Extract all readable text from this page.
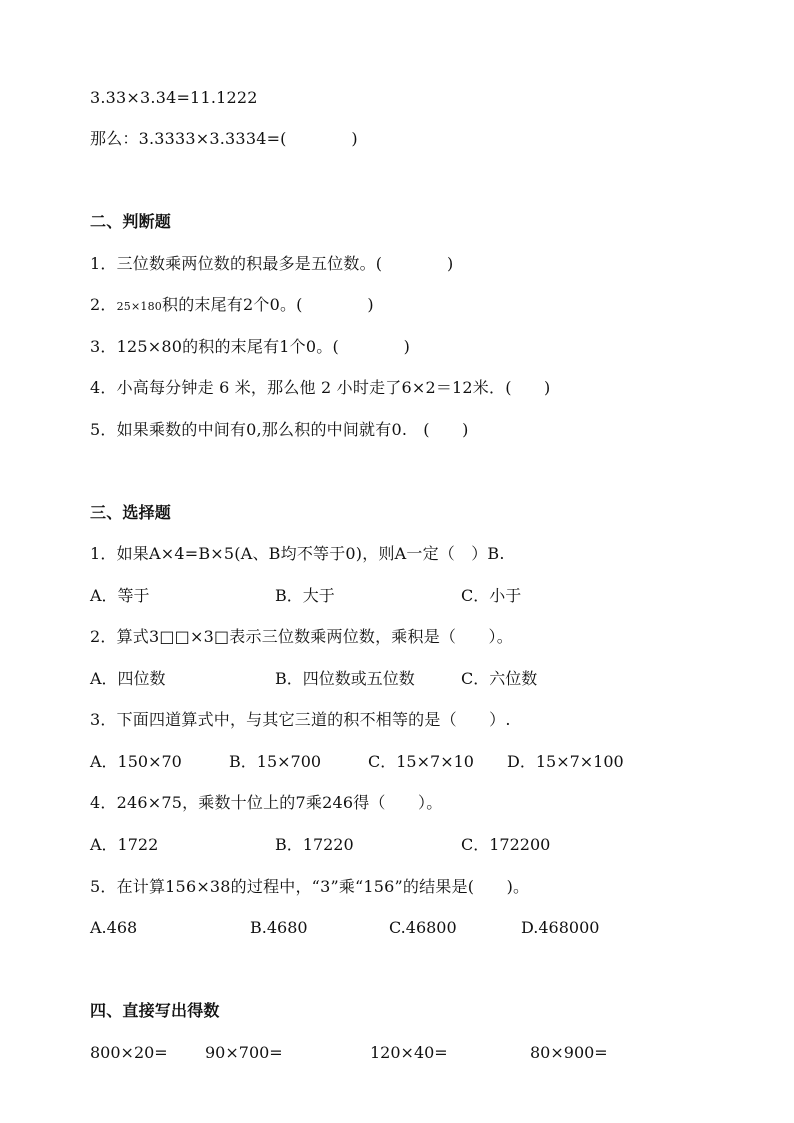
3.33×3.34=11.1222
那么：3.3333×3.3334=(　　　　)
二、判断题
1．三位数乘两位数的积最多是五位数。(　　　　)
2．25×180积的末尾有2个0。(　　　　)
3．125×80的积的末尾有1个0。(　　　　)
4．小高每分钟走 6 米，那么他 2 小时走了6×2＝12米．(　　)
5．如果乘数的中间有0,那么积的中间就有0.　(　　)
三、选择题
1．如果A×4=B×5(A、B均不等于0)，则A一定（　）B.
A．等于	B．大于	C．小于
2．算式3□□×3□表示三位数乘两位数，乘积是（　　）。
A．四位数	B．四位数或五位数	C．六位数
3．下面四道算式中，与其它三道的积不相等的是（　　）.
A．150×70	B．15×700	C．15×7×10 D．15×7×100
4．246×75，乘数十位上的7乘246得（　　）。
A．1722	B．17220	C．172200
5．在计算156×38的过程中，“3”乘“156”的结果是(　　)。
A.468	B.4680	C.46800	D.468000
四、直接写出得数
800×20= 90×700=	120×40=	80×900=
